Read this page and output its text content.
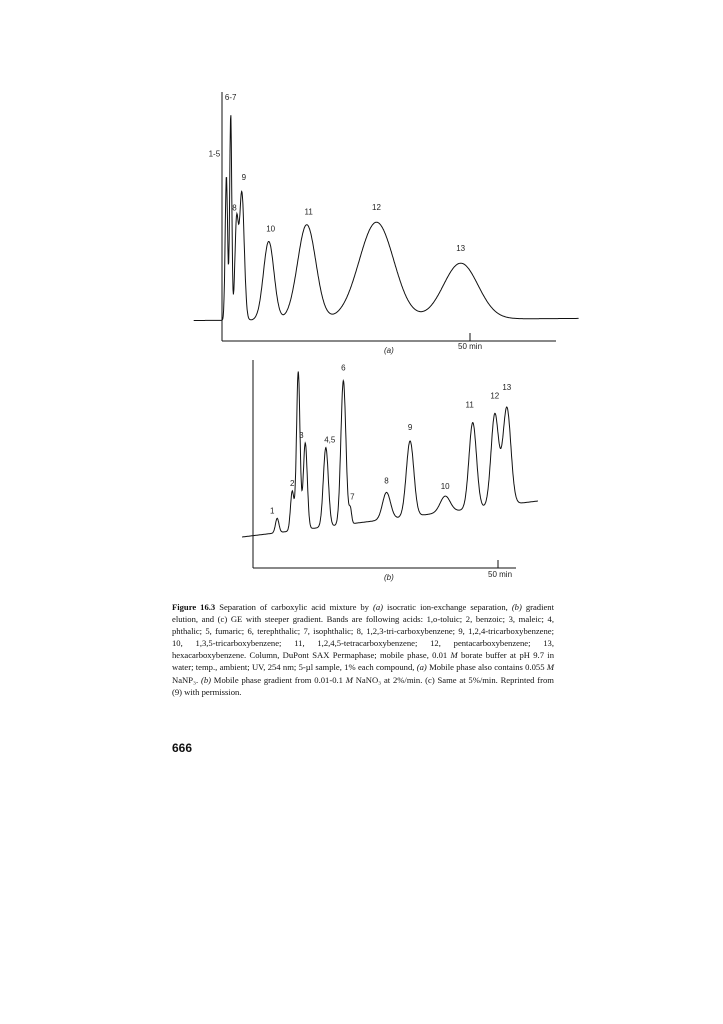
50 min
(a)
1-5
6-7
8
9
10
11	12
13
50 min
(b)
1
2
3
4,5
6
7
8
9
10
11
12
13
Figure 16.3 Separation of carboxylic acid mixture by (a) isocratic ion-exchange separation, (b) gradient elution, and (c) GE with steeper gradient. Bands are following acids: 1,o-toluic; 2, benzoic; 3, maleic; 4, phthalic; 5, fumaric; 6, terephthalic; 7, isophthalic; 8, 1,2,3-tri-carboxybenzene; 9, 1,2,4-tricarboxybenzene; 10, 1,3,5-tricarboxybenzene; 11, 1,2,4,5-tetracarboxybenzene; 12, pentacarboxybenzene; 13, hexacarboxybenzene. Column, DuPont SAX Permaphase; mobile phase, 0.01 M borate buffer at pH 9.7 in water; temp., ambient; UV, 254 nm; 5-µl sample, 1% each compound, (a) Mobile phase also contains 0.055 M NaNP₃. (b) Mobile phase gradient from 0.01-0.1 M NaNO₃ at 2%/min. (c) Same at 5%/min. Reprinted from (9) with permission.
666
